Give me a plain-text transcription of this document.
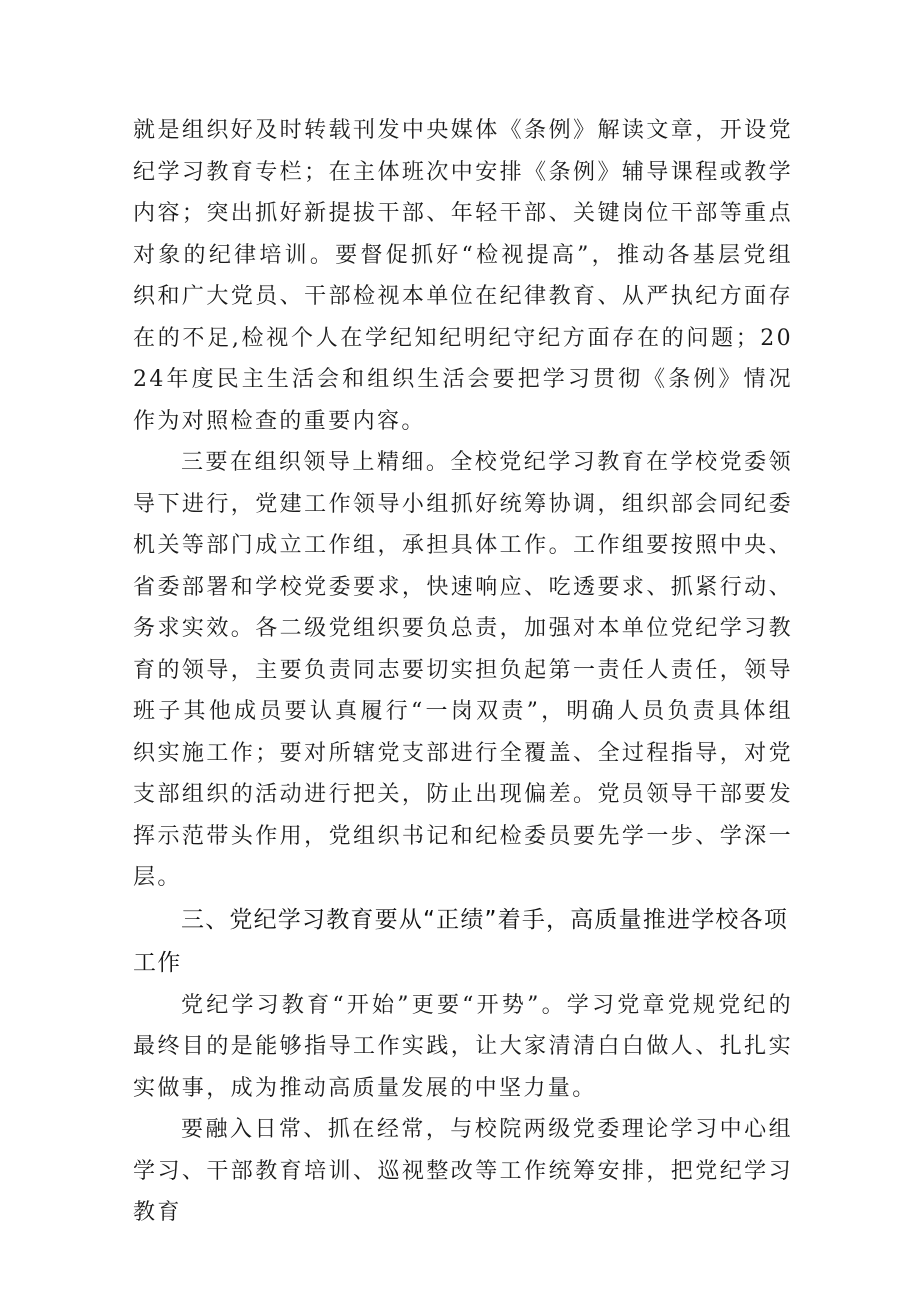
就是组织好及时转载刊发中央媒体《条例》解读文章，开设党纪学习教育专栏；在主体班次中安排《条例》辅导课程或教学内容；突出抓好新提拔干部、年轻干部、关键岗位干部等重点对象的纪律培训。要督促抓好“检视提高”，推动各基层党组织和广大党员、干部检视本单位在纪律教育、从严执纪方面存在的不足,检视个人在学纪知纪明纪守纪方面存在的问题；2024年度民主生活会和组织生活会要把学习贯彻《条例》情况作为对照检查的重要内容。

三要在组织领导上精细。全校党纪学习教育在学校党委领导下进行，党建工作领导小组抓好统筹协调，组织部会同纪委机关等部门成立工作组，承担具体工作。工作组要按照中央、省委部署和学校党委要求，快速响应、吃透要求、抓紧行动、务求实效。各二级党组织要负总责，加强对本单位党纪学习教育的领导，主要负责同志要切实担负起第一责任人责任，领导班子其他成员要认真履行“一岗双责”，明确人员负责具体组织实施工作；要对所辖党支部进行全覆盖、全过程指导，对党支部组织的活动进行把关，防止出现偏差。党员领导干部要发挥示范带头作用，党组织书记和纪检委员要先学一步、学深一层。

三、党纪学习教育要从“正绩”着手，高质量推进学校各项工作

党纪学习教育“开始”更要“开势”。学习党章党规党纪的最终目的是能够指导工作实践，让大家清清白白做人、扎扎实实做事，成为推动高质量发展的中坚力量。

要融入日常、抓在经常，与校院两级党委理论学习中心组学习、干部教育培训、巡视整改等工作统筹安排，把党纪学习教育
